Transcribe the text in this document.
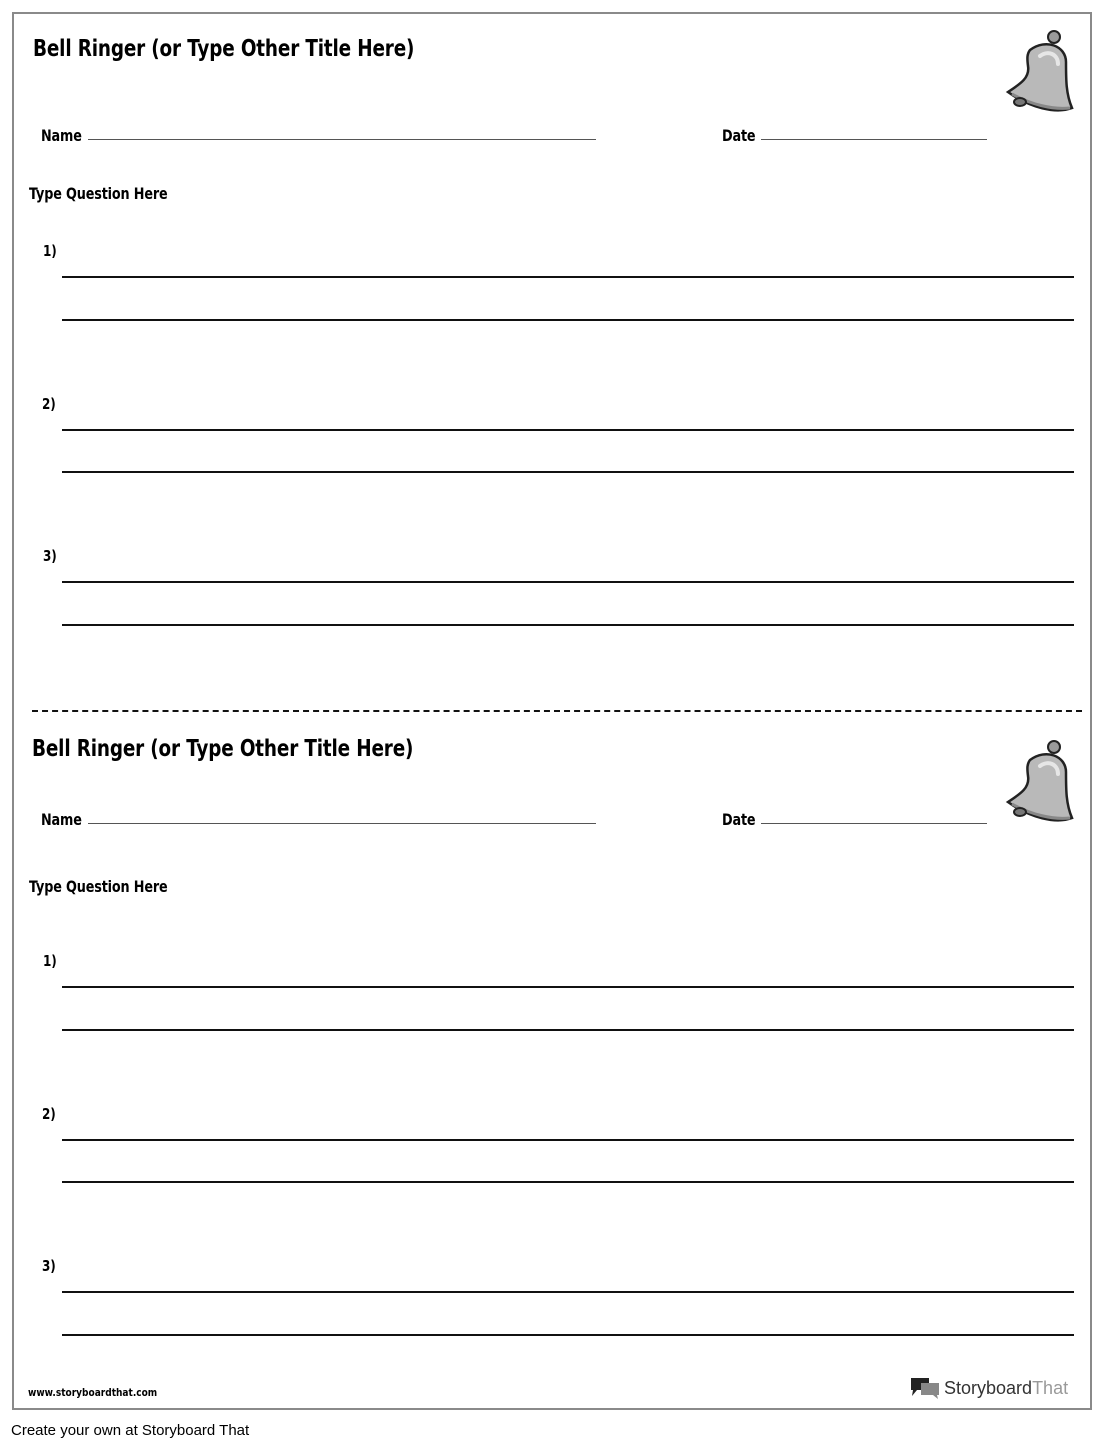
Bell Ringer (or Type Other Title Here)
Name	Date
Type Question Here
1)
2)
3)
Bell Ringer (or Type Other Title Here)
Name	Date
Type Question Here
1)
2)
3)
www.storyboardthat.com	Storyboard That
Create your own at Storyboard That
